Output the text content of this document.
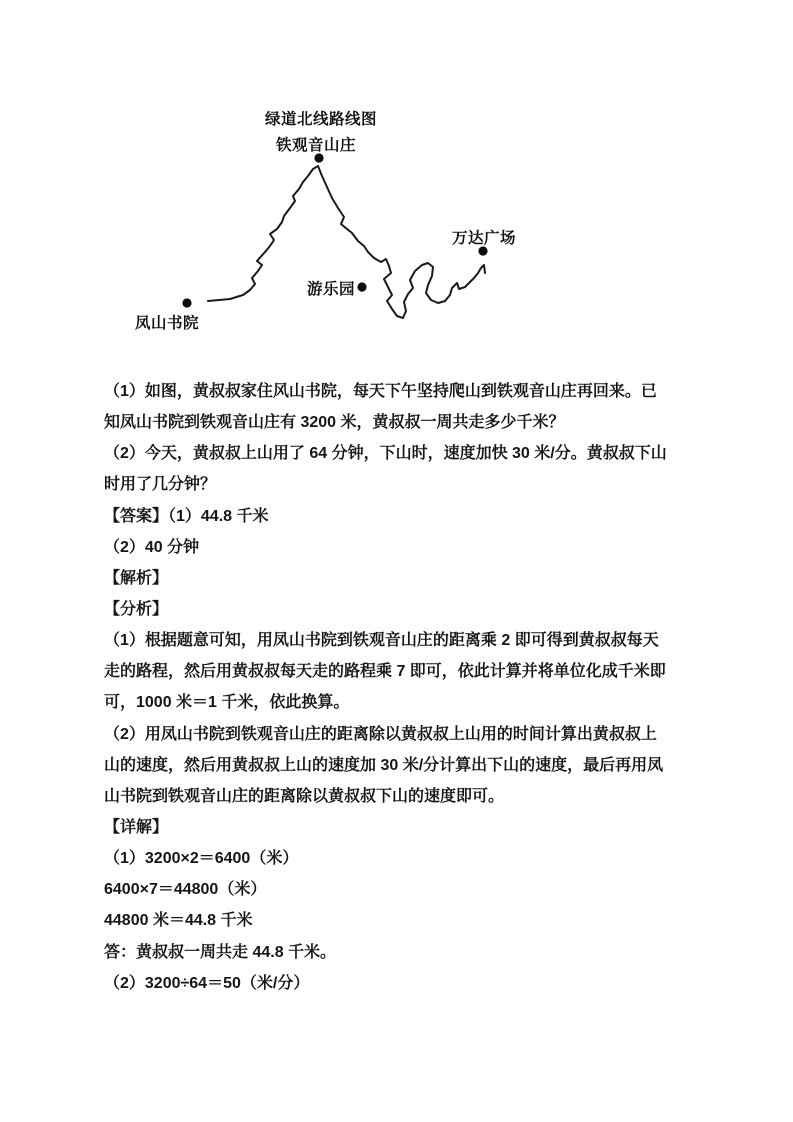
绿道北线路线图
铁观音山庄
万达广场
游乐园
凤山书院
（1）如图，黄叔叔家住风山书院，每天下午坚持爬山到铁观音山庄再回来。已
知凤山书院到铁观音山庄有 3200 米，黄叔叔一周共走多少千米？
（2）今天，黄叔叔上山用了 64 分钟，下山时，速度加快 30 米/分。黄叔叔下山
时用了几分钟？
【答案】（1）44.8 千米
（2）40 分钟
【解析】
【分析】
（1）根据题意可知，用凤山书院到铁观音山庄的距离乘 2 即可得到黄叔叔每天
走的路程，然后用黄叔叔每天走的路程乘 7 即可，依此计算并将单位化成千米即
可，1000 米＝1 千米，依此换算。
（2）用凤山书院到铁观音山庄的距离除以黄叔叔上山用的时间计算出黄叔叔上
山的速度，然后用黄叔叔上山的速度加 30 米/分计算出下山的速度，最后再用凤
山书院到铁观音山庄的距离除以黄叔叔下山的速度即可。
【详解】
（1）3200×2＝6400（米）
6400×7＝44800（米）
44800 米＝44.8 千米
答：黄叔叔一周共走 44.8 千米。
（2）3200÷64＝50（米/分）
